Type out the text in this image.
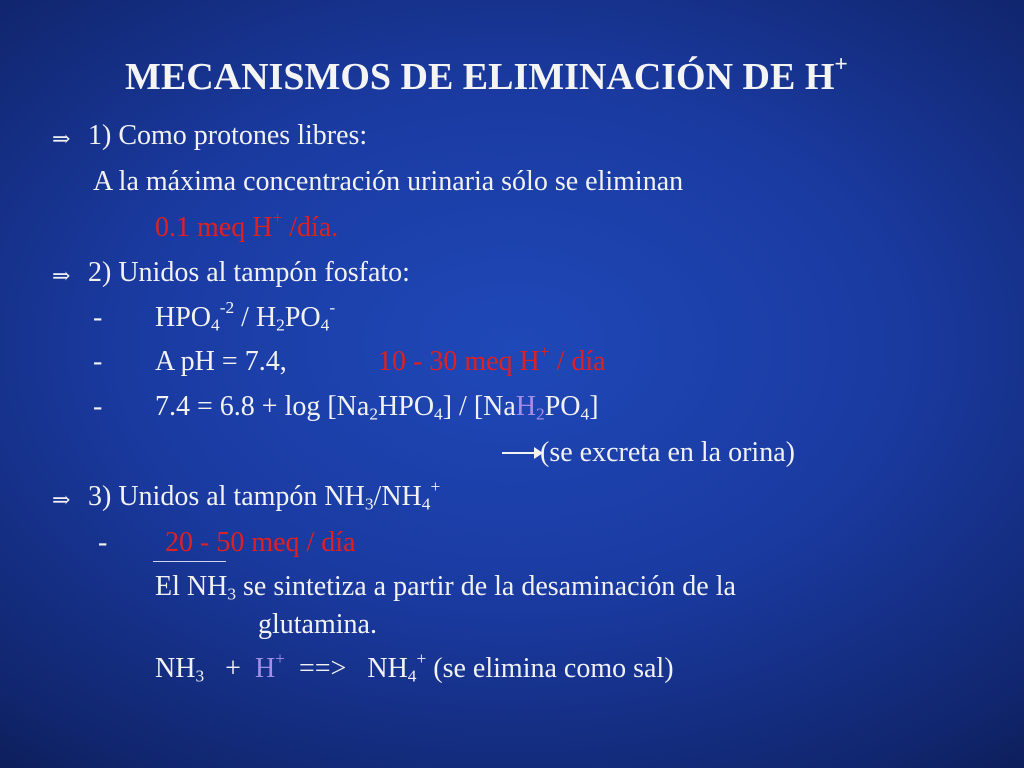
MECANISMOS DE ELIMINACIÓN DE H+
⇒ 1) Como protones libres:
A la máxima concentración urinaria sólo se eliminan
0.1 meq H+ /día.
⇒ 2) Unidos al tampón fosfato:
- $HPO_4^{-2} / H_2PO_4^-$
- A pH = 7.4,	10 - 30 meq H+ / día
- $7.4 = 6.8 + \log [Na_2HPO_4] / [NaH_2PO_4]$
(se excreta en la orina)
⇒ 3) Unidos al tampón $NH_3/NH_4^+$
- 20 - 50 meq / día
El $NH_3$ se sintetiza a partir de la desaminación de la
glutamina.
$NH_3 + H^+$  ==>   $NH_4^+$ (se elimina como sal)
